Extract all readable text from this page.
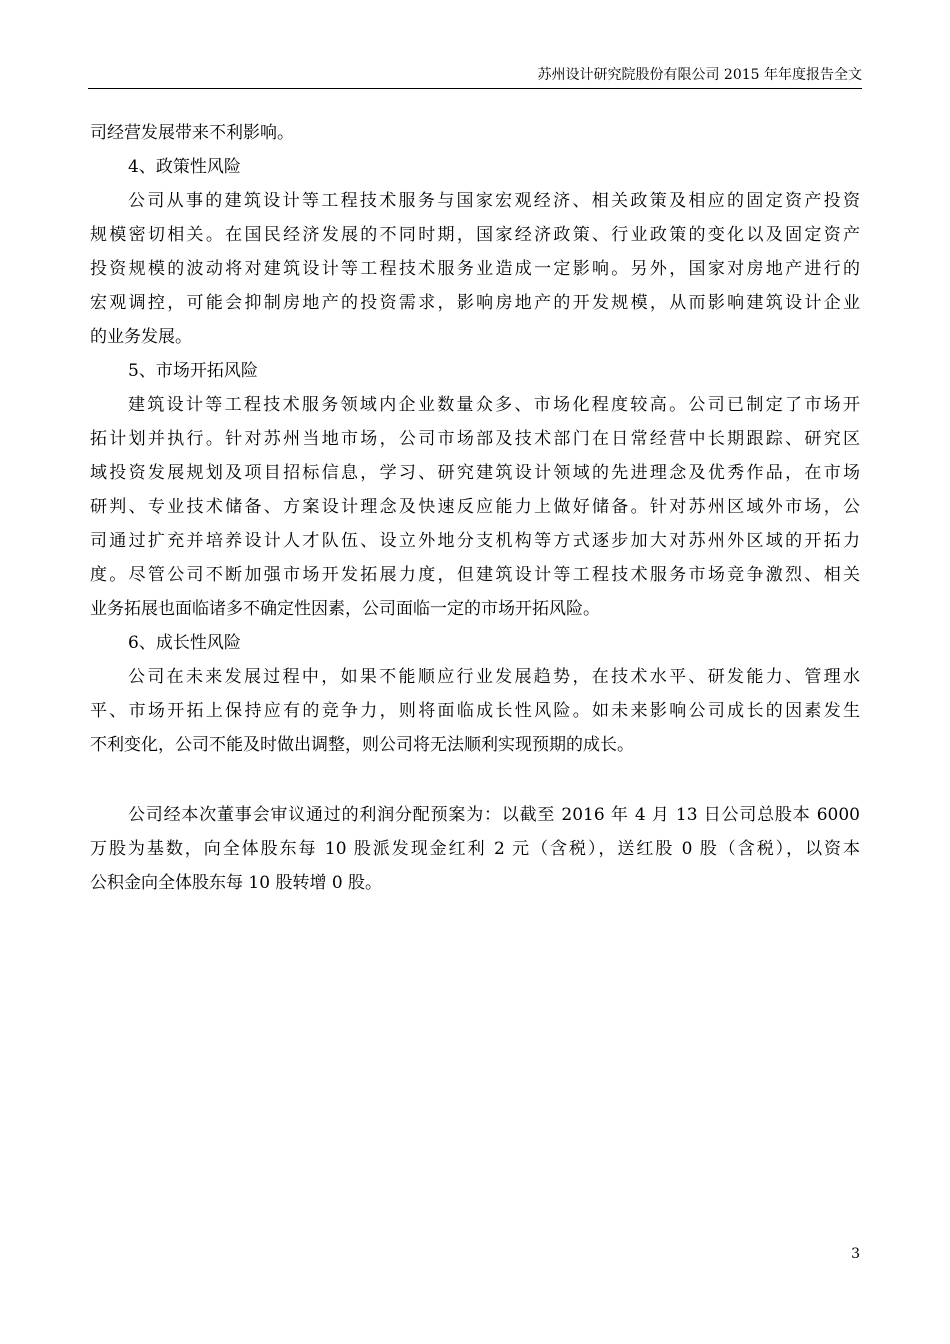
苏州设计研究院股份有限公司 2015 年年度报告全文
司经营发展带来不利影响。
4、政策性风险
公司从事的建筑设计等工程技术服务与国家宏观经济、相关政策及相应的固定资产投资
规模密切相关。在国民经济发展的不同时期，国家经济政策、行业政策的变化以及固定资产
投资规模的波动将对建筑设计等工程技术服务业造成一定影响。另外，国家对房地产进行的
宏观调控，可能会抑制房地产的投资需求，影响房地产的开发规模，从而影响建筑设计企业
的业务发展。
5、市场开拓风险
建筑设计等工程技术服务领域内企业数量众多、市场化程度较高。公司已制定了市场开
拓计划并执行。针对苏州当地市场，公司市场部及技术部门在日常经营中长期跟踪、研究区
域投资发展规划及项目招标信息，学习、研究建筑设计领域的先进理念及优秀作品，在市场
研判、专业技术储备、方案设计理念及快速反应能力上做好储备。针对苏州区域外市场，公
司通过扩充并培养设计人才队伍、设立外地分支机构等方式逐步加大对苏州外区域的开拓力
度。尽管公司不断加强市场开发拓展力度，但建筑设计等工程技术服务市场竞争激烈、相关
业务拓展也面临诸多不确定性因素，公司面临一定的市场开拓风险。
6、成长性风险
公司在未来发展过程中，如果不能顺应行业发展趋势，在技术水平、研发能力、管理水
平、市场开拓上保持应有的竞争力，则将面临成长性风险。如未来影响公司成长的因素发生
不利变化，公司不能及时做出调整，则公司将无法顺利实现预期的成长。
公司经本次董事会审议通过的利润分配预案为：以截至 2016 年 4 月 13 日公司总股本 6000
万股为基数，向全体股东每 10 股派发现金红利 2 元（含税），送红股 0 股（含税），以资本
公积金向全体股东每 10 股转增 0 股。
3
